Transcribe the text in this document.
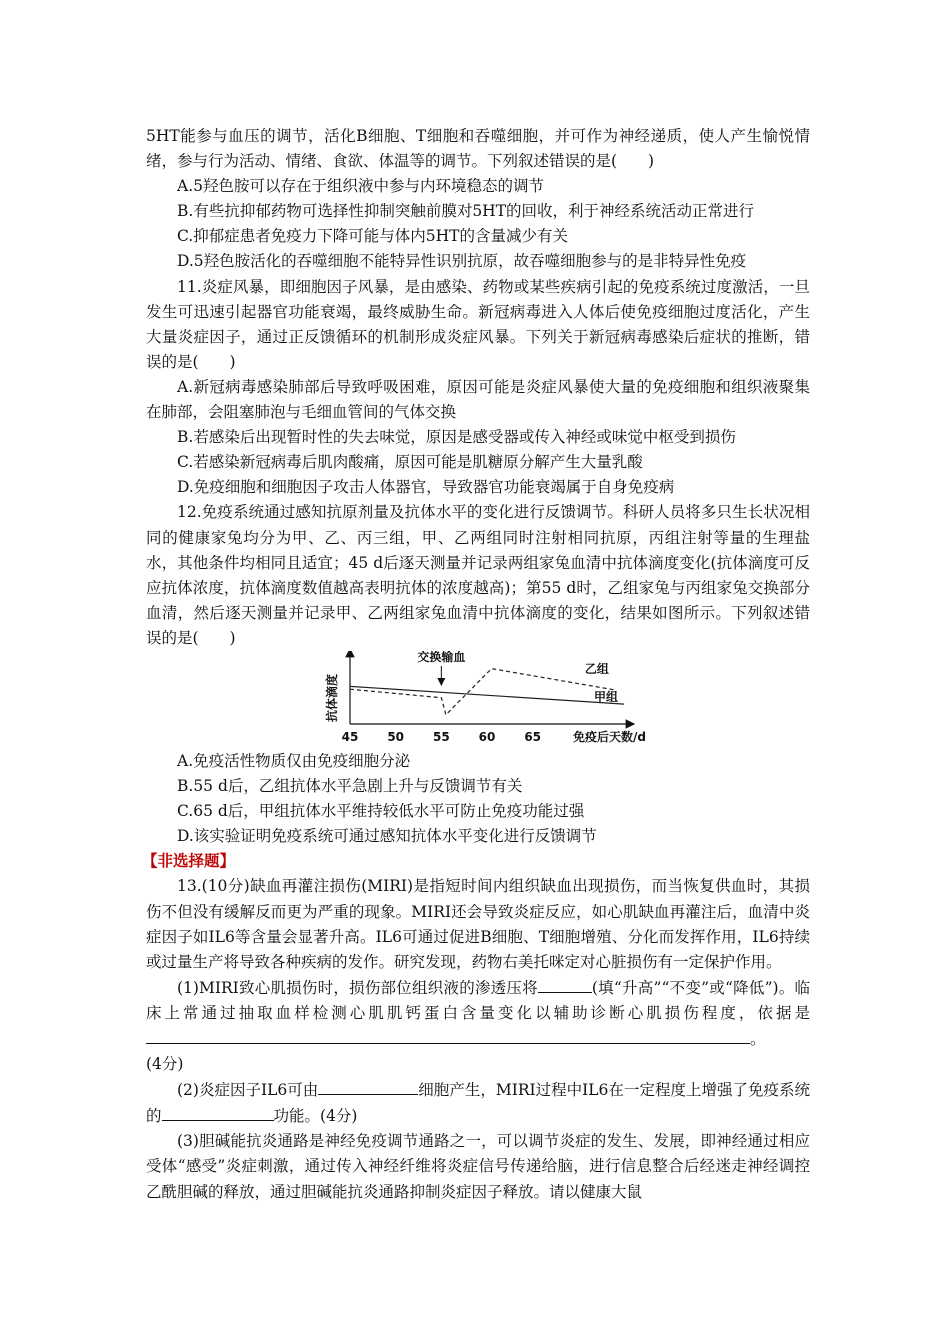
5HT能参与血压的调节，活化B细胞、T细胞和吞噬细胞，并可作为神经递质，使人产生愉悦情绪，参与行为活动、情绪、食欲、体温等的调节。下列叙述错误的是(　　)

A.5羟色胺可以存在于组织液中参与内环境稳态的调节
B.有些抗抑郁药物可选择性抑制突触前膜对5HT的回收，利于神经系统活动正常进行
C.抑郁症患者免疫力下降可能与体内5HT的含量减少有关
D.5羟色胺活化的吞噬细胞不能特异性识别抗原，故吞噬细胞参与的是非特异性免疫

11.炎症风暴，即细胞因子风暴，是由感染、药物或某些疾病引起的免疫系统过度激活，一旦发生可迅速引起器官功能衰竭，最终威胁生命。新冠病毒进入人体后使免疫细胞过度活化，产生大量炎症因子，通过正反馈循环的机制形成炎症风暴。下列关于新冠病毒感染后症状的推断，错误的是(　　)

A.新冠病毒感染肺部后导致呼吸困难，原因可能是炎症风暴使大量的免疫细胞和组织液聚集在肺部，会阻塞肺泡与毛细血管间的气体交换

B.若感染后出现暂时性的失去味觉，原因是感受器或传入神经或味觉中枢受到损伤
C.若感染新冠病毒后肌肉酸痛，原因可能是肌糖原分解产生大量乳酸
D.免疫细胞和细胞因子攻击人体器官，导致器官功能衰竭属于自身免疫病

12.免疫系统通过感知抗原剂量及抗体水平的变化进行反馈调节。科研人员将多只生长状况相同的健康家兔均分为甲、乙、丙三组，甲、乙两组同时注射相同抗原，丙组注射等量的生理盐水，其他条件均相同且适宜；45 d后逐天测量并记录两组家兔血清中抗体滴度变化(抗体滴度可反应抗体浓度，抗体滴度数值越高表明抗体的浓度越高)；第55 d时，乙组家兔与丙组家兔交换部分血清，然后逐天测量并记录甲、乙两组家兔血清中抗体滴度的变化，结果如图所示。下列叙述错误的是(　　)

抗体滴度
45 50 55 60 65	免疫后天数/d
甲组
乙组
交换输血
A.免疫活性物质仅由免疫细胞分泌
B.55 d后，乙组抗体水平急剧上升与反馈调节有关
C.65 d后，甲组抗体水平维持较低水平可防止免疫功能过强
D.该实验证明免疫系统可通过感知抗体水平变化进行反馈调节
【非选择题】

13.(10分)缺血再灌注损伤(MIRI)是指短时间内组织缺血出现损伤，而当恢复供血时，其损伤不但没有缓解反而更为严重的现象。MIRI还会导致炎症反应，如心肌缺血再灌注后，血清中炎症因子如IL6等含量会显著升高。IL6可通过促进B细胞、T细胞增殖、分化而发挥作用，IL6持续或过量生产将导致各种疾病的发作。研究发现，药物右美托咪定对心脏损伤有一定保护作用。

(1)MIRI致心肌损伤时，损伤部位组织液的渗透压将	(填“升高”“不变”或“降低”)。临床上常通过抽取血样检测心肌肌钙蛋白含量变化以辅助诊断心肌损伤程度，依据是。
(4分)

(2)炎症因子IL6可由	细胞产生，MIRI过程中IL6在一定程度上增强了免疫系统的	功能。(4分)

(3)胆碱能抗炎通路是神经免疫调节通路之一，可以调节炎症的发生、发展，即神经通过相应受体“感受”炎症刺激，通过传入神经纤维将炎症信号传递给脑，进行信息整合后经迷走神经调控乙酰胆碱的释放，通过胆碱能抗炎通路抑制炎症因子释放。请以健康大鼠
